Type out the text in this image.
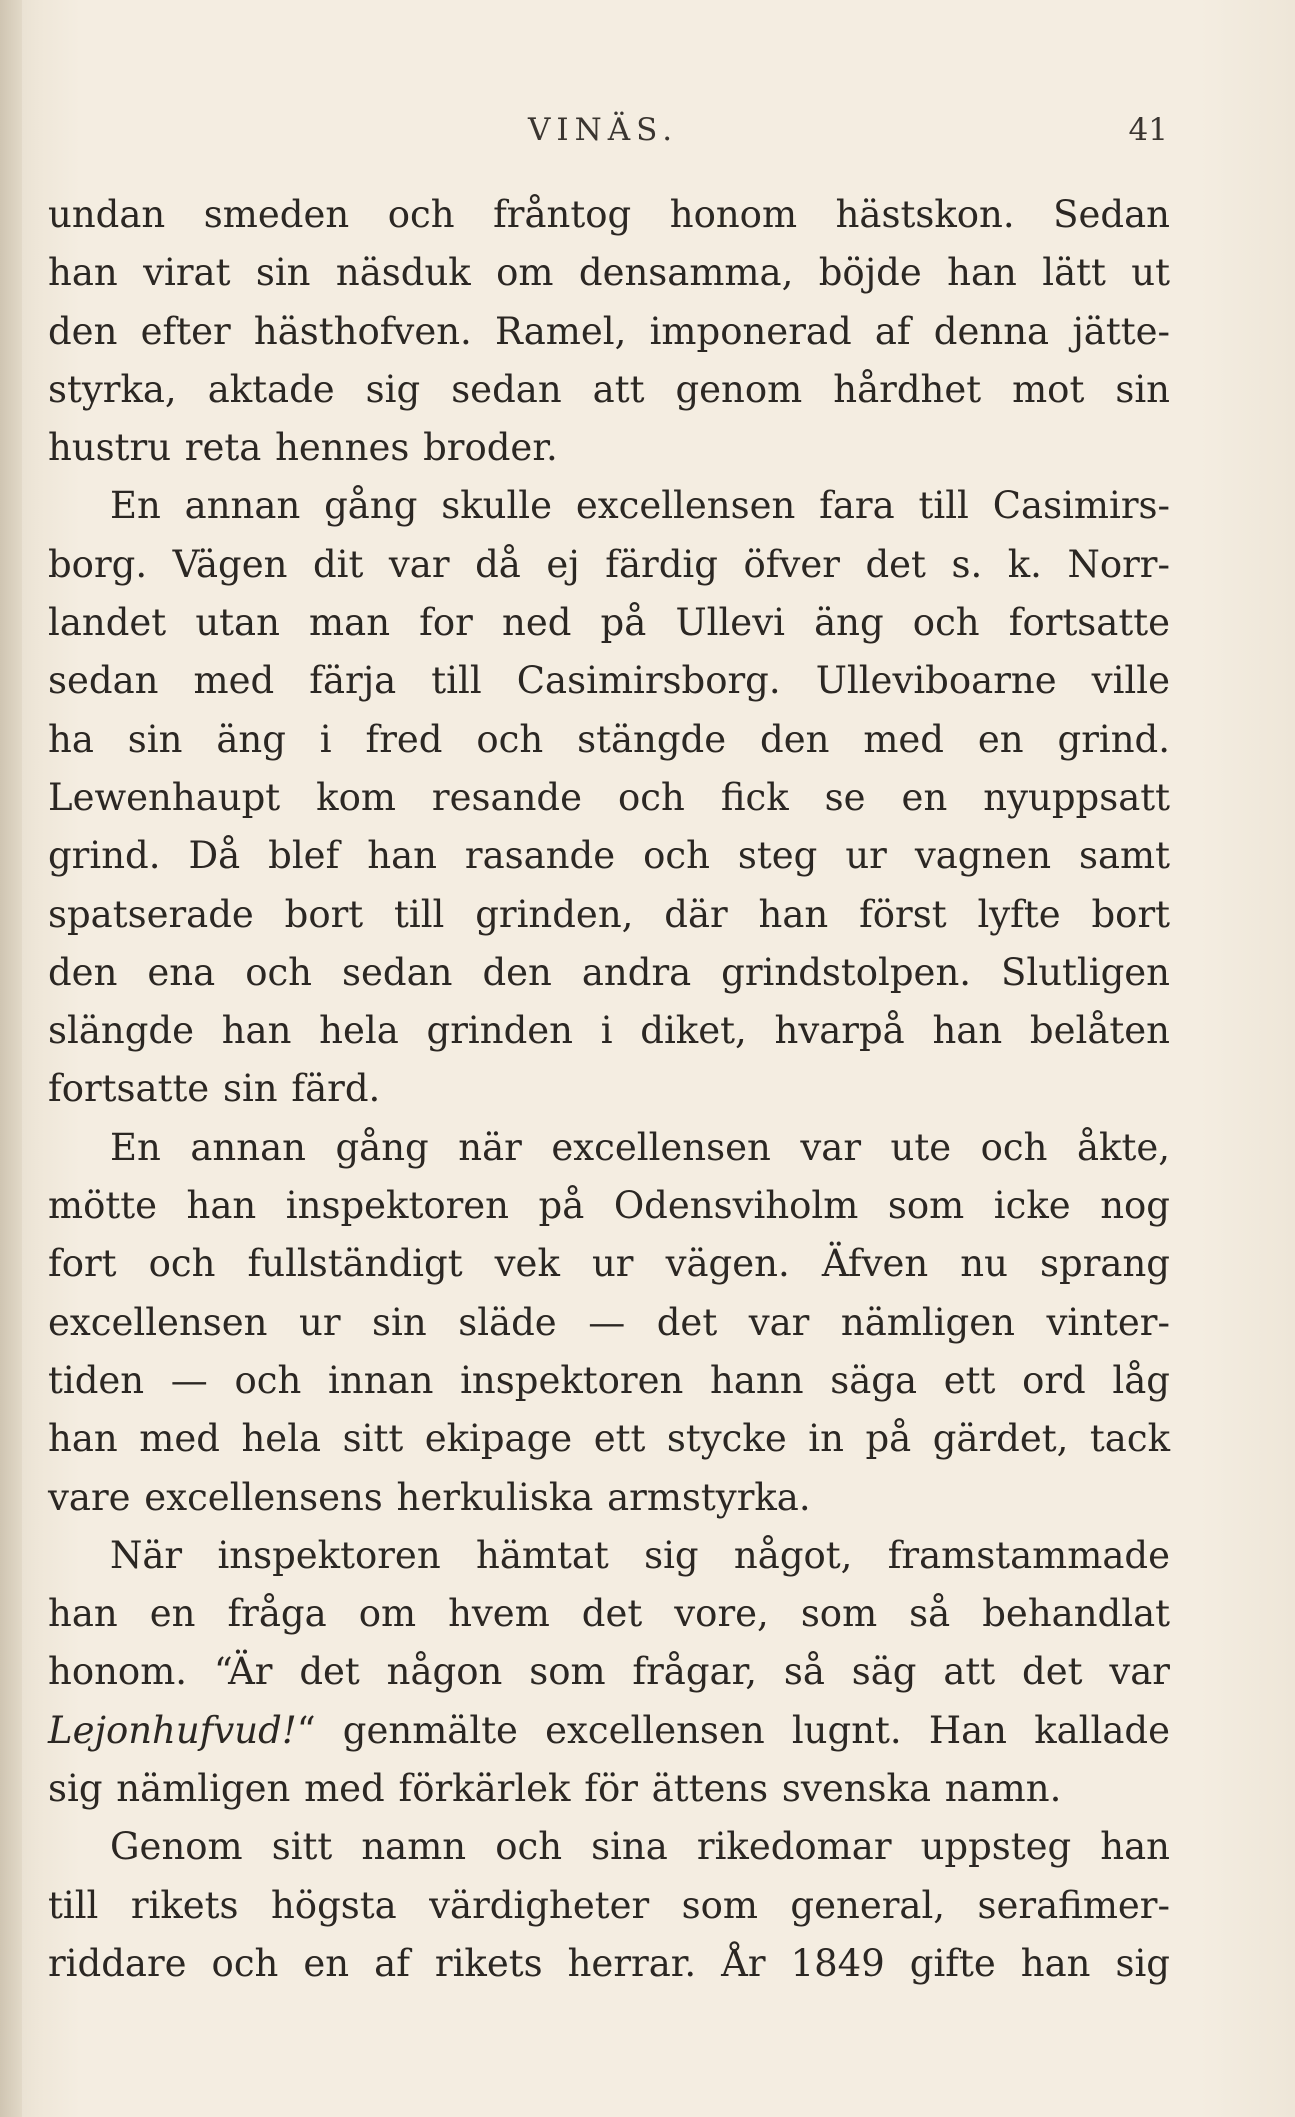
VINÄS.	41
undan smeden och fråntog honom hästskon. Sedan
han virat sin näsduk om densamma, böjde han lätt ut
den efter hästhofven. Ramel, imponerad af denna jätte-
styrka, aktade sig sedan att genom hårdhet mot sin
hustru reta hennes broder.
En annan gång skulle excellensen fara till Casimirs-
borg. Vägen dit var då ej färdig öfver det s. k. Norr-
landet utan man for ned på Ullevi äng och fortsatte
sedan med färja till Casimirsborg. Ulleviboarne ville
ha sin äng i fred och stängde den med en grind.
Lewenhaupt kom resande och fick se en nyuppsatt
grind. Då blef han rasande och steg ur vagnen samt
spatserade bort till grinden, där han först lyfte bort
den ena och sedan den andra grindstolpen. Slutligen
slängde han hela grinden i diket, hvarpå han belåten
fortsatte sin färd.
En annan gång när excellensen var ute och åkte,
mötte han inspektoren på Odensviholm som icke nog
fort och fullständigt vek ur vägen. Äfven nu sprang
excellensen ur sin släde — det var nämligen vinter-
tiden — och innan inspektoren hann säga ett ord låg
han med hela sitt ekipage ett stycke in på gärdet, tack
vare excellensens herkuliska armstyrka.
När inspektoren hämtat sig något, framstammade
han en fråga om hvem det vore, som så behandlat
honom. “Är det någon som frågar, så säg att det var
Lejonhufvud!“ genmälte excellensen lugnt. Han kallade
sig nämligen med förkärlek för ättens svenska namn.
Genom sitt namn och sina rikedomar uppsteg han
till rikets högsta värdigheter som general, serafimer-
riddare och en af rikets herrar. År 1849 gifte han sig
